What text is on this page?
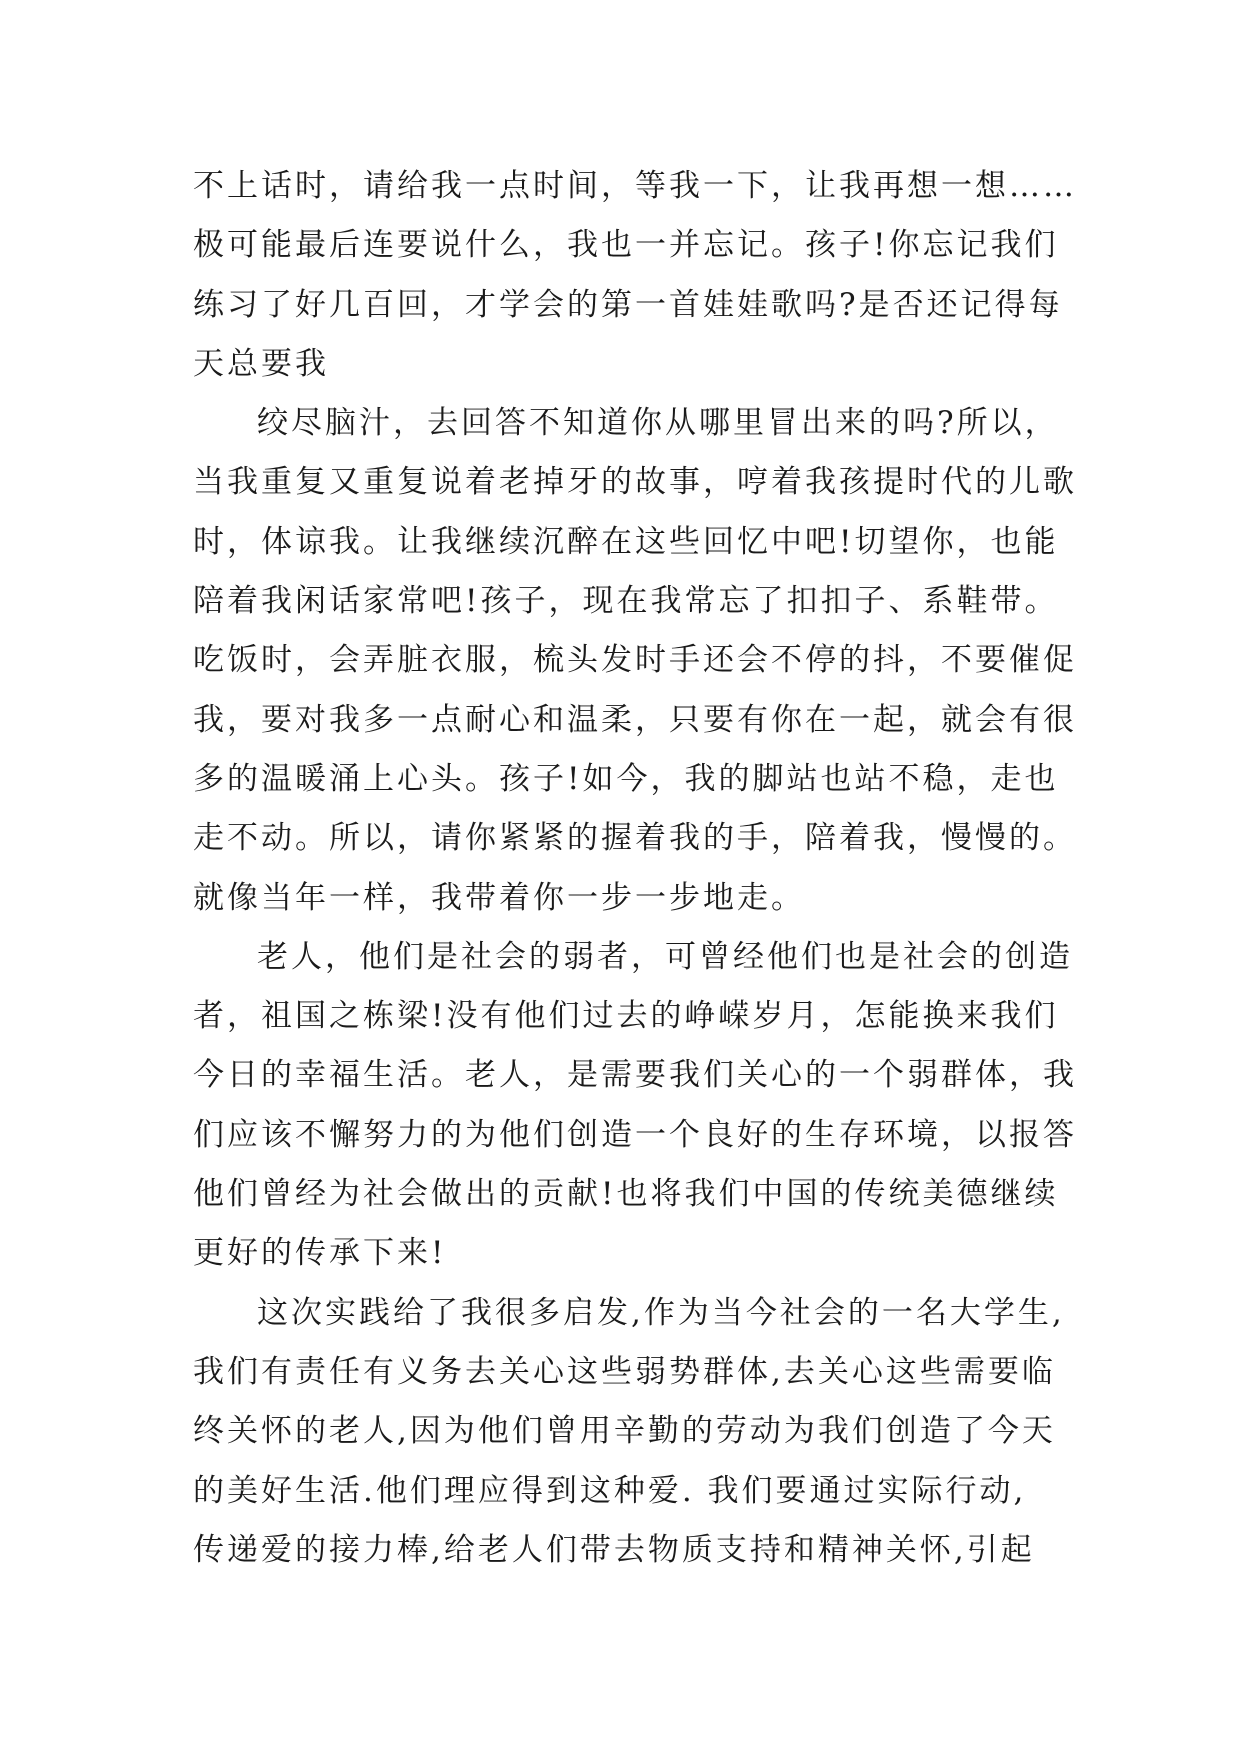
不上话时，请给我一点时间，等我一下，让我再想一想……
极可能最后连要说什么，我也一并忘记。孩子!你忘记我们
练习了好几百回，才学会的第一首娃娃歌吗?是否还记得每
天总要我
绞尽脑汁，去回答不知道你从哪里冒出来的吗?所以，
当我重复又重复说着老掉牙的故事，哼着我孩提时代的儿歌
时，体谅我。让我继续沉醉在这些回忆中吧!切望你，也能
陪着我闲话家常吧!孩子，现在我常忘了扣扣子、系鞋带。
吃饭时，会弄脏衣服，梳头发时手还会不停的抖，不要催促
我，要对我多一点耐心和温柔，只要有你在一起，就会有很
多的温暖涌上心头。孩子!如今，我的脚站也站不稳，走也
走不动。所以，请你紧紧的握着我的手，陪着我，慢慢的。
就像当年一样，我带着你一步一步地走。
老人，他们是社会的弱者，可曾经他们也是社会的创造
者，祖国之栋梁!没有他们过去的峥嵘岁月，怎能换来我们
今日的幸福生活。老人，是需要我们关心的一个弱群体，我
们应该不懈努力的为他们创造一个良好的生存环境，以报答
他们曾经为社会做出的贡献!也将我们中国的传统美德继续
更好的传承下来!
这次实践给了我很多启发,作为当今社会的一名大学生,
我们有责任有义务去关心这些弱势群体,去关心这些需要临
终关怀的老人,因为他们曾用辛勤的劳动为我们创造了今天
的美好生活.他们理应得到这种爱. 我们要通过实际行动,
传递爱的接力棒,给老人们带去物质支持和精神关怀,引起
